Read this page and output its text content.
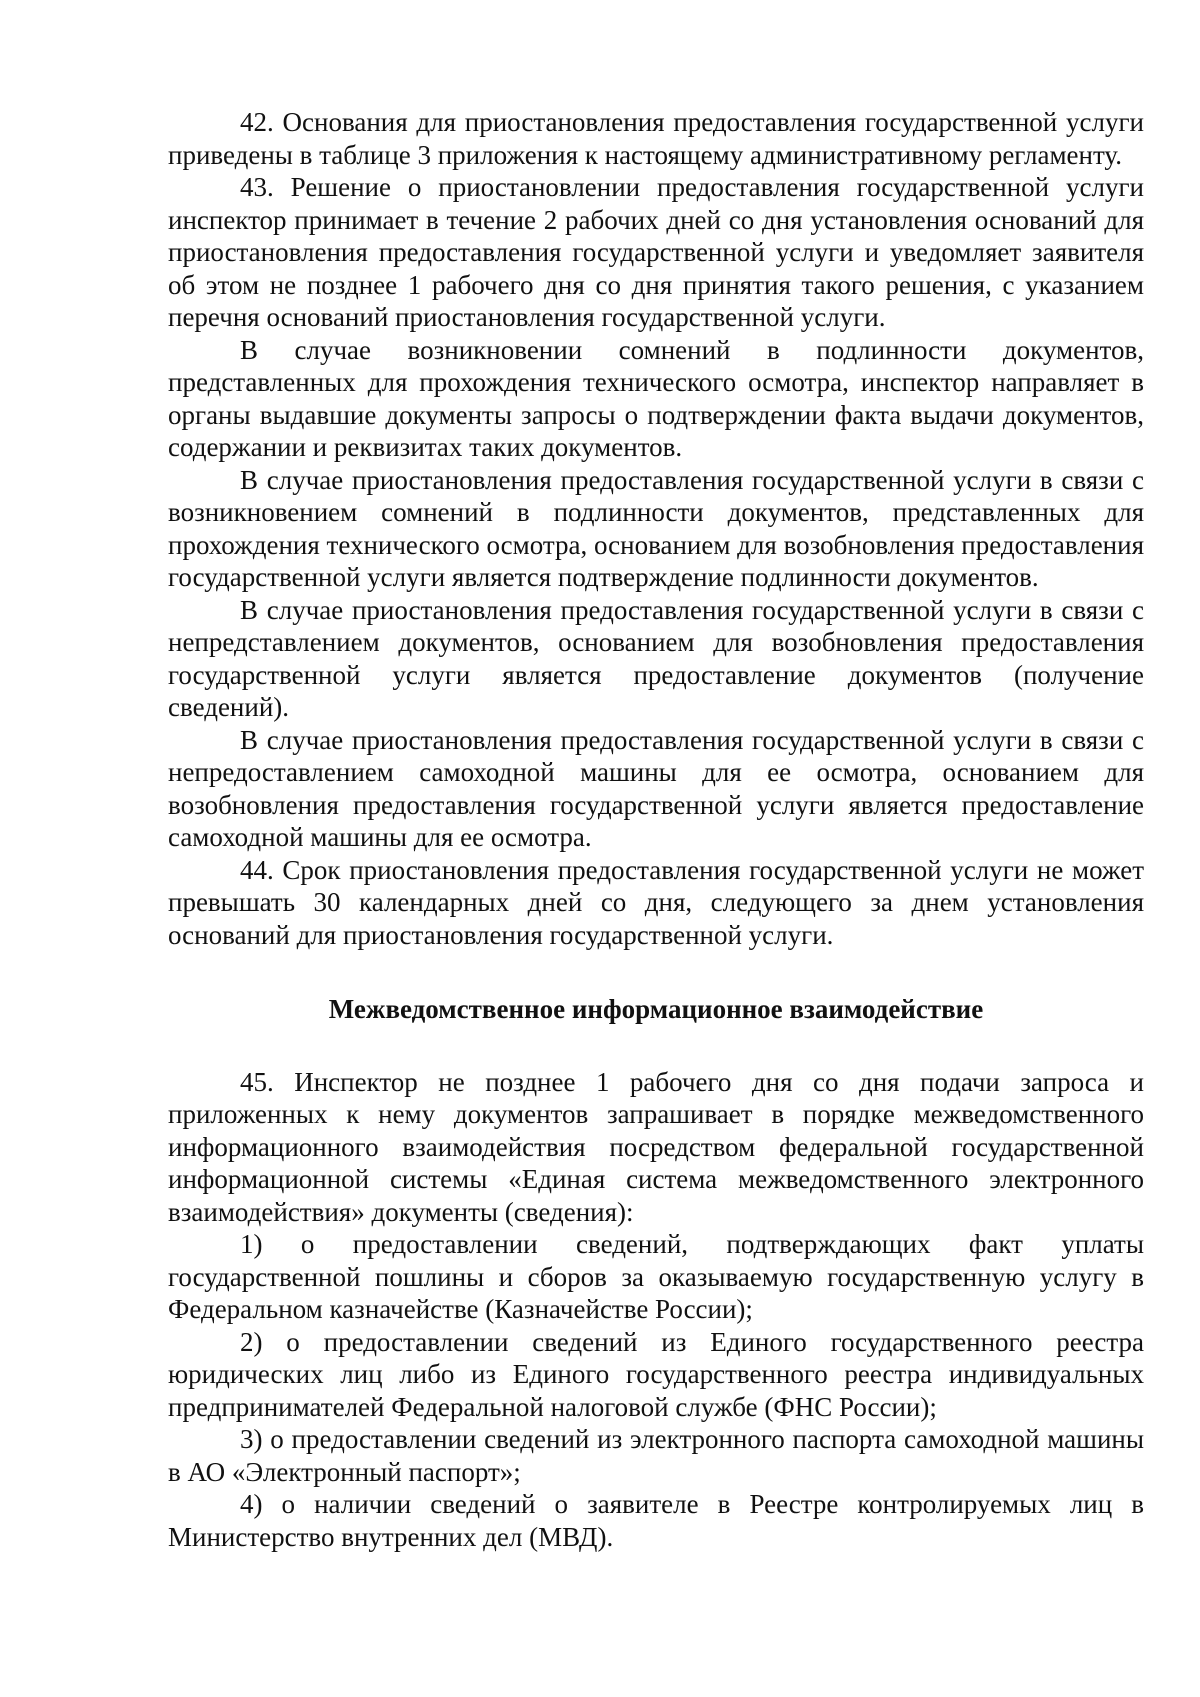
42. Основания для приостановления предоставления государственной услуги приведены в таблице 3 приложения к настоящему административному регламенту.

43. Решение о приостановлении предоставления государственной услуги инспектор принимает в течение 2 рабочих дней со дня установления оснований для приостановления предоставления государственной услуги и уведомляет заявителя об этом не позднее 1 рабочего дня со дня принятия такого решения, с указанием перечня оснований приостановления государственной услуги.

В случае возникновении сомнений в подлинности документов, представленных для прохождения технического осмотра, инспектор направляет в органы выдавшие документы запросы о подтверждении факта выдачи документов, содержании и реквизитах таких документов.

В случае приостановления предоставления государственной услуги в связи с возникновением сомнений в подлинности документов, представленных для прохождения технического осмотра, основанием для возобновления предоставления государственной услуги является подтверждение подлинности документов.

В случае приостановления предоставления государственной услуги в связи с непредставлением документов, основанием для возобновления предоставления государственной услуги является предоставление документов (получение сведений).

В случае приостановления предоставления государственной услуги в связи с непредоставлением самоходной машины для ее осмотра, основанием для возобновления предоставления государственной услуги является предоставление самоходной машины для ее осмотра.

44. Срок приостановления предоставления государственной услуги не может превышать 30 календарных дней со дня, следующего за днем установления оснований для приостановления государственной услуги.

Межведомственное информационное взаимодействие

45. Инспектор не позднее 1 рабочего дня со дня подачи запроса и приложенных к нему документов запрашивает в порядке межведомственного информационного взаимодействия посредством федеральной государственной информационной системы «Единая система межведомственного электронного взаимодействия» документы (сведения):

1) о предоставлении сведений, подтверждающих факт уплаты государственной пошлины и сборов за оказываемую государственную услугу в Федеральном казначействе (Казначействе России);

2) о предоставлении сведений из Единого государственного реестра юридических лиц либо из Единого государственного реестра индивидуальных предпринимателей Федеральной налоговой службе (ФНС России);

3) о предоставлении сведений из электронного паспорта самоходной машины в АО «Электронный паспорт»;

4) о наличии сведений о заявителе в Реестре контролируемых лиц в Министерство внутренних дел (МВД).
